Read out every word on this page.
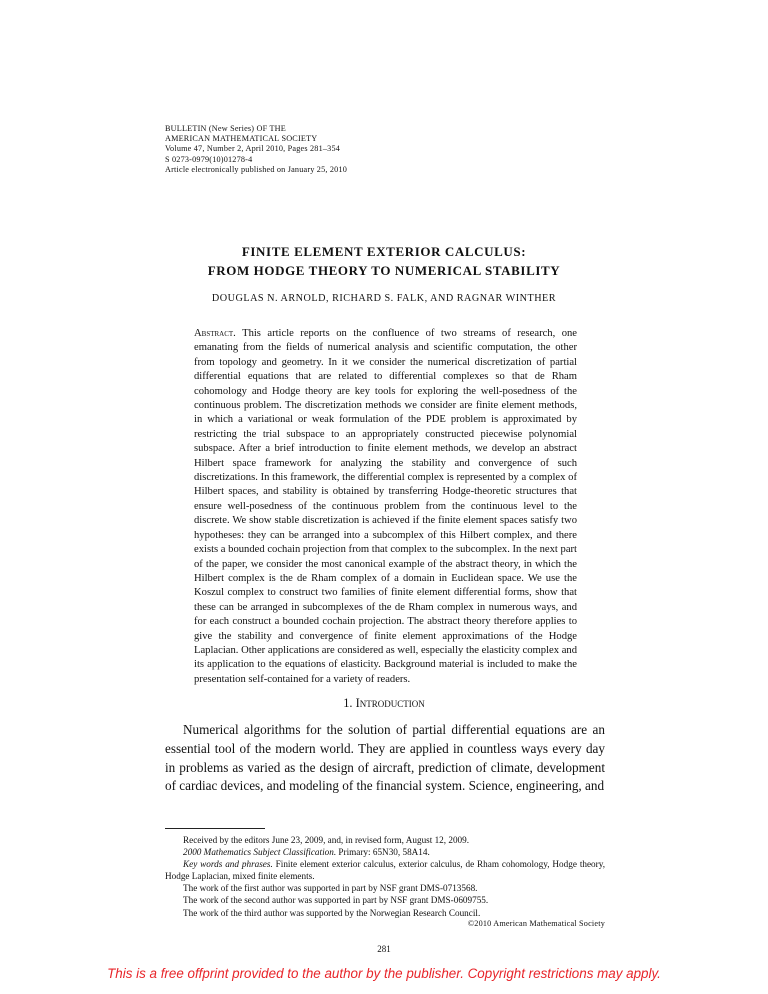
BULLETIN (New Series) OF THE
AMERICAN MATHEMATICAL SOCIETY
Volume 47, Number 2, April 2010, Pages 281–354
S 0273-0979(10)01278-4
Article electronically published on January 25, 2010
FINITE ELEMENT EXTERIOR CALCULUS:
FROM HODGE THEORY TO NUMERICAL STABILITY
DOUGLAS N. ARNOLD, RICHARD S. FALK, AND RAGNAR WINTHER
Abstract. This article reports on the confluence of two streams of research, one emanating from the fields of numerical analysis and scientific computation, the other from topology and geometry. In it we consider the numerical discretization of partial differential equations that are related to differential complexes so that de Rham cohomology and Hodge theory are key tools for exploring the well-posedness of the continuous problem. The discretization methods we consider are finite element methods, in which a variational or weak formulation of the PDE problem is approximated by restricting the trial subspace to an appropriately constructed piecewise polynomial subspace. After a brief introduction to finite element methods, we develop an abstract Hilbert space framework for analyzing the stability and convergence of such discretizations. In this framework, the differential complex is represented by a complex of Hilbert spaces, and stability is obtained by transferring Hodge-theoretic structures that ensure well-posedness of the continuous problem from the continuous level to the discrete. We show stable discretization is achieved if the finite element spaces satisfy two hypotheses: they can be arranged into a subcomplex of this Hilbert complex, and there exists a bounded cochain projection from that complex to the subcomplex. In the next part of the paper, we consider the most canonical example of the abstract theory, in which the Hilbert complex is the de Rham complex of a domain in Euclidean space. We use the Koszul complex to construct two families of finite element differential forms, show that these can be arranged in subcomplexes of the de Rham complex in numerous ways, and for each construct a bounded cochain projection. The abstract theory therefore applies to give the stability and convergence of finite element approximations of the Hodge Laplacian. Other applications are considered as well, especially the elasticity complex and its application to the equations of elasticity. Background material is included to make the presentation self-contained for a variety of readers.
1. Introduction

Numerical algorithms for the solution of partial differential equations are an essential tool of the modern world. They are applied in countless ways every day in problems as varied as the design of aircraft, prediction of climate, development of cardiac devices, and modeling of the financial system. Science, engineering, and

Received by the editors June 23, 2009, and, in revised form, August 12, 2009.

2000 Mathematics Subject Classification. Primary: 65N30, 58A14.

Key words and phrases. Finite element exterior calculus, exterior calculus, de Rham cohomology, Hodge theory, Hodge Laplacian, mixed finite elements.

The work of the first author was supported in part by NSF grant DMS-0713568.

The work of the second author was supported in part by NSF grant DMS-0609755.

The work of the third author was supported by the Norwegian Research Council.

©2010 American Mathematical Society
281
This is a free offprint provided to the author by the publisher. Copyright restrictions may apply.
